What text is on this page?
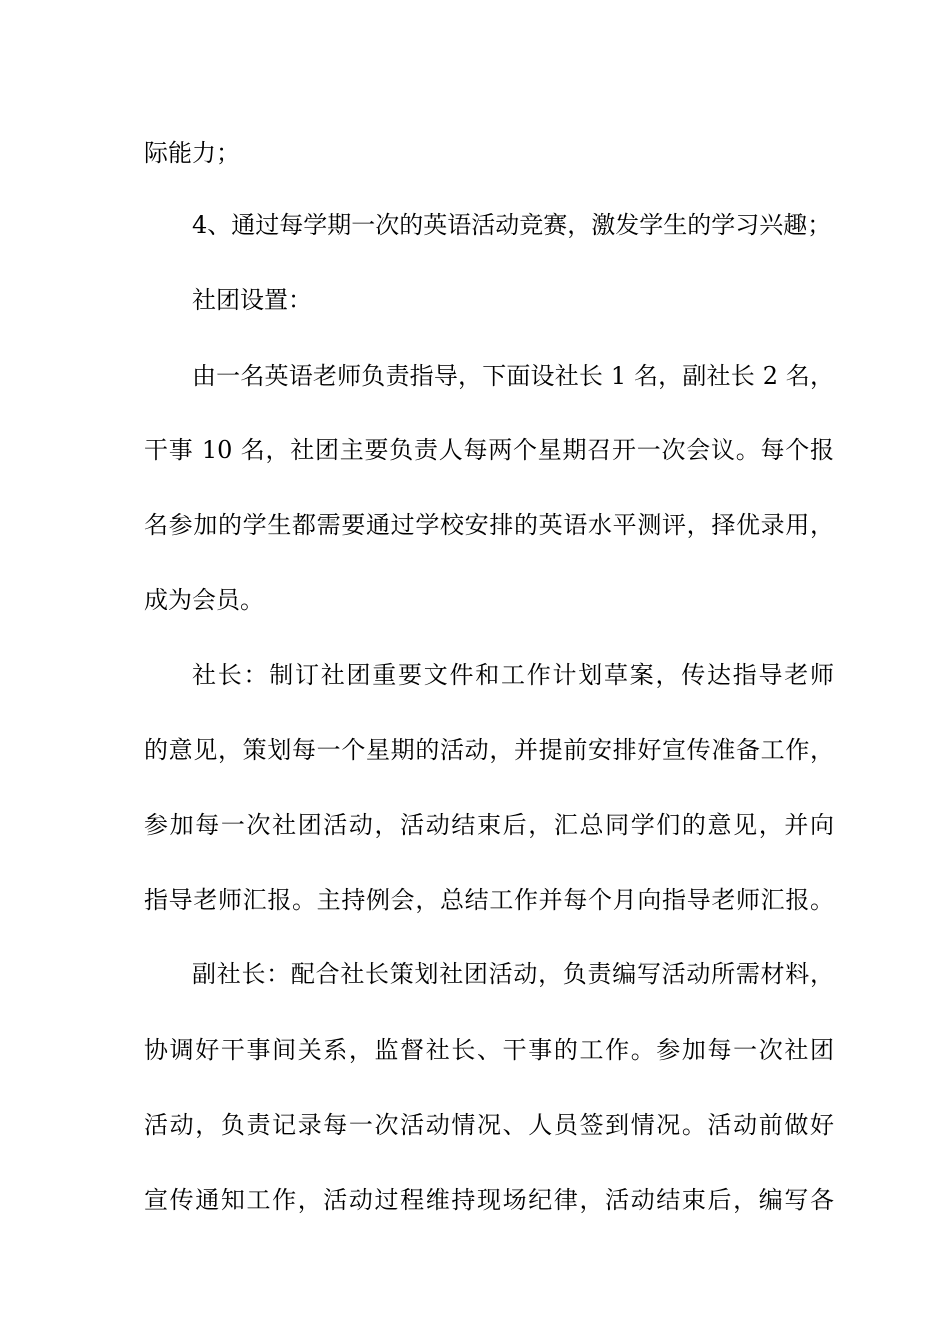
际能力；
4、通过每学期一次的英语活动竞赛，激发学生的学习兴趣；
社团设置：
由一名英语老师负责指导，下面设社长 1 名，副社长 2 名，
干事 10 名，社团主要负责人每两个星期召开一次会议。每个报
名参加的学生都需要通过学校安排的英语水平测评，择优录用，
成为会员。
社长：制订社团重要文件和工作计划草案，传达指导老师
的意见，策划每一个星期的活动，并提前安排好宣传准备工作，
参加每一次社团活动，活动结束后，汇总同学们的意见，并向
指导老师汇报。主持例会，总结工作并每个月向指导老师汇报。
副社长：配合社长策划社团活动，负责编写活动所需材料，
协调好干事间关系，监督社长、干事的工作。参加每一次社团
活动，负责记录每一次活动情况、人员签到情况。活动前做好
宣传通知工作，活动过程维持现场纪律，活动结束后，编写各
